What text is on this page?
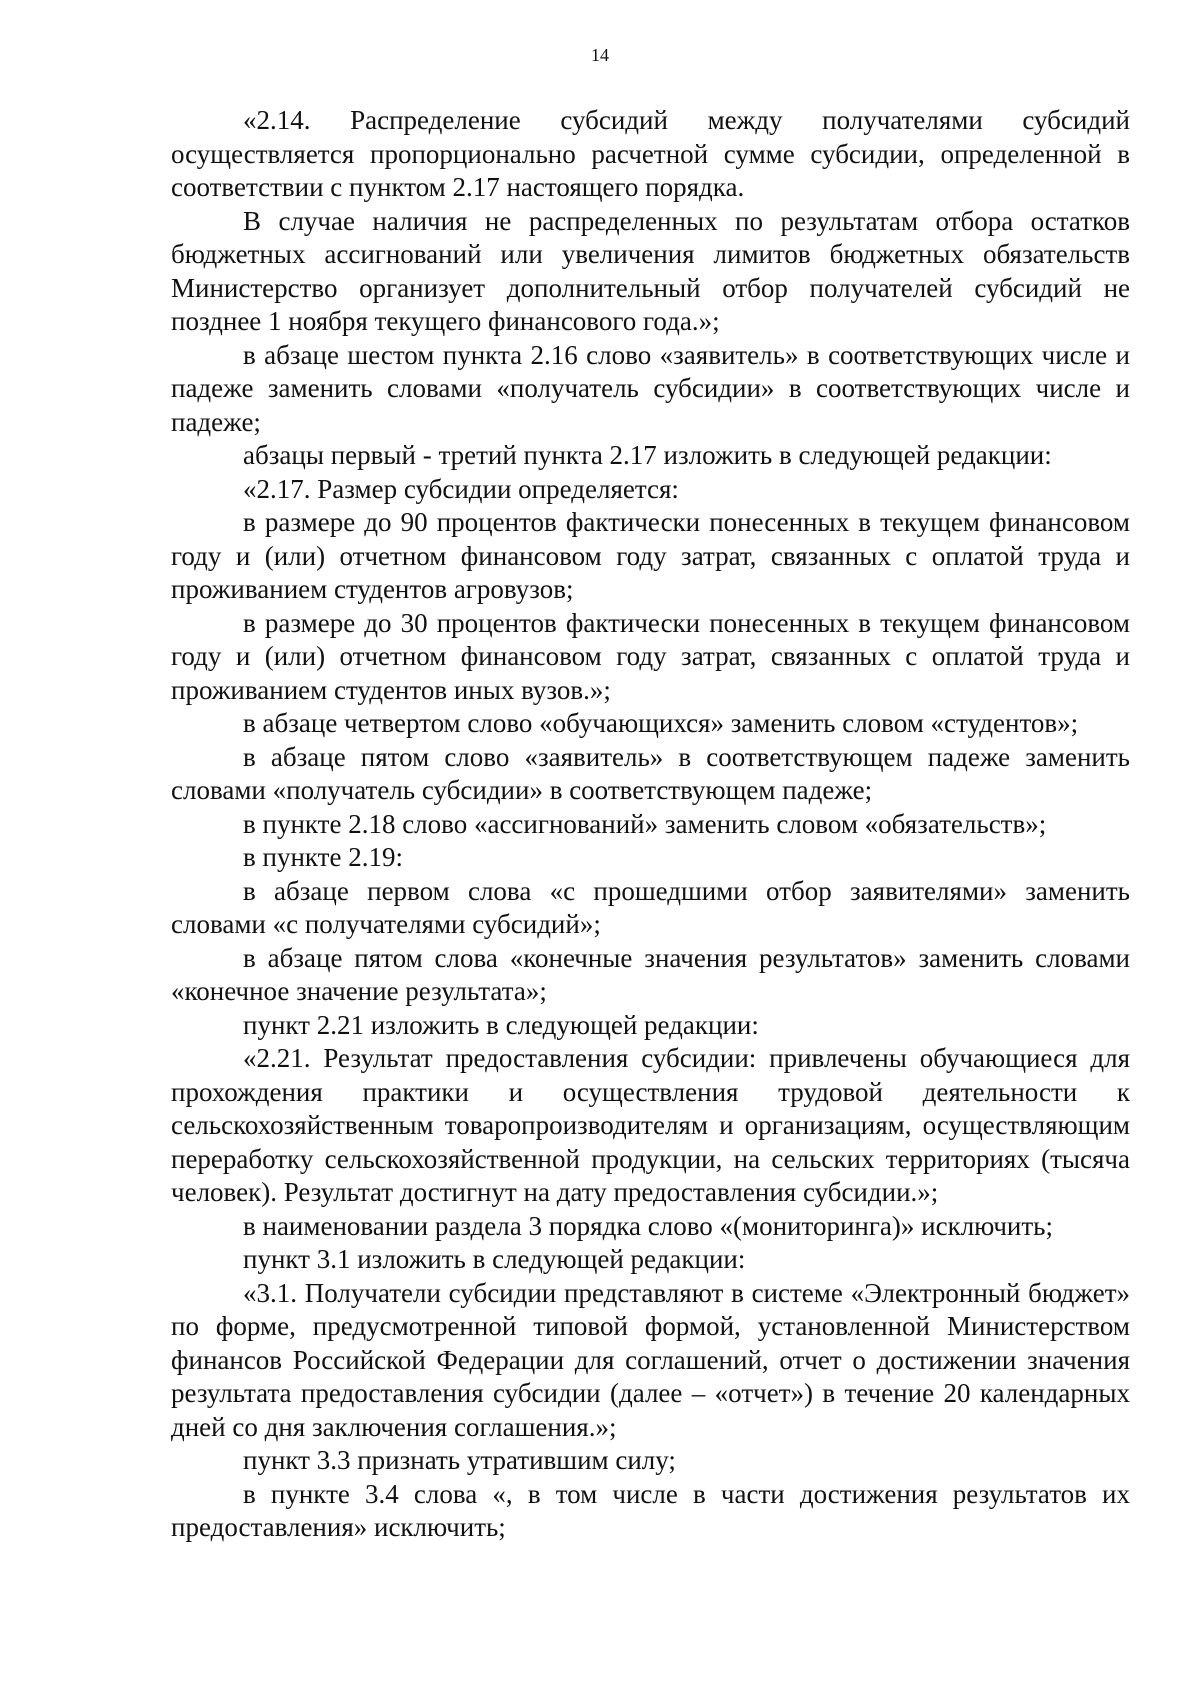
14

«2.14. Распределение субсидий между получателями субсидий осуществляется пропорционально расчетной сумме субсидии, определенной в соответствии с пунктом 2.17 настоящего порядка.

В случае наличия не распределенных по результатам отбора остатков бюджетных ассигнований или увеличения лимитов бюджетных обязательств Министерство организует дополнительный отбор получателей субсидий не позднее 1 ноября текущего финансового года.»;

в абзаце шестом пункта 2.16 слово «заявитель» в соответствующих числе и падеже заменить словами «получатель субсидии» в соответствующих числе и падеже;

абзацы первый - третий пункта 2.17 изложить в следующей редакции:

«2.17. Размер субсидии определяется:

в размере до 90 процентов фактически понесенных в текущем финансовом году и (или) отчетном финансовом году затрат, связанных с оплатой труда и проживанием студентов агровузов;

в размере до 30 процентов фактически понесенных в текущем финансовом году и (или) отчетном финансовом году затрат, связанных с оплатой труда и проживанием студентов иных вузов.»;

в абзаце четвертом слово «обучающихся» заменить словом «студентов»;

в абзаце пятом слово «заявитель» в соответствующем падеже заменить словами «получатель субсидии» в соответствующем падеже;

в пункте 2.18 слово «ассигнований» заменить словом «обязательств»;

в пункте 2.19:

в абзаце первом слова «с прошедшими отбор заявителями» заменить словами «с получателями субсидий»;

в абзаце пятом слова «конечные значения результатов» заменить словами «конечное значение результата»;

пункт 2.21 изложить в следующей редакции:

«2.21. Результат предоставления субсидии: привлечены обучающиеся для прохождения практики и осуществления трудовой деятельности к сельскохозяйственным товаропроизводителям и организациям, осуществляющим переработку сельскохозяйственной продукции, на сельских территориях (тысяча человек). Результат достигнут на дату предоставления субсидии.»;

в наименовании раздела 3 порядка слово «(мониторинга)» исключить;

пункт 3.1 изложить в следующей редакции:

«3.1. Получатели субсидии представляют в системе «Электронный бюджет» по форме, предусмотренной типовой формой, установленной Министерством финансов Российской Федерации для соглашений, отчет о достижении значения результата предоставления субсидии (далее – «отчет») в течение 20 календарных дней со дня заключения соглашения.»;

пункт 3.3 признать утратившим силу;

в пункте 3.4 слова «, в том числе в части достижения результатов их предоставления» исключить;
